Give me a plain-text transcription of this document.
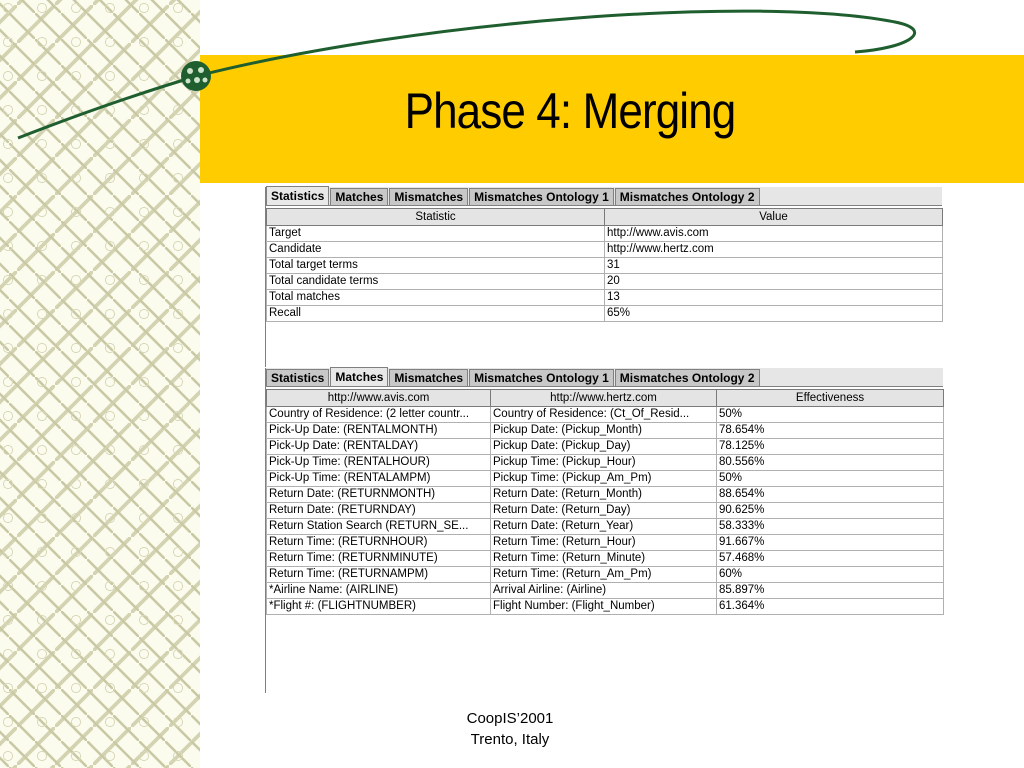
Phase 4: Merging
Statistics Matches Mismatches Mismatches Ontology 1 Mismatches Ontology 2
Statistic	Value
Target	http://www.avis.com
Candidate	http://www.hertz.com
Total target terms	31
Total candidate terms	20
Total matches	13
Recall	65%
Statistics Matches Mismatches Mismatches Ontology 1 Mismatches Ontology 2
http://www.avis.com	http://www.hertz.com	Effectiveness
Country of Residence: (2 letter countr...	Country of Residence: (Ct_Of_Resid...	50%
Pick-Up Date: (RENTALMONTH)	Pickup Date: (Pickup_Month)	78.654%
Pick-Up Date: (RENTALDAY)	Pickup Date: (Pickup_Day)	78.125%
Pick-Up Time: (RENTALHOUR)	Pickup Time: (Pickup_Hour)	80.556%
Pick-Up Time: (RENTALAMPM)	Pickup Time: (Pickup_Am_Pm)	50%
Return Date: (RETURNMONTH)	Return Date: (Return_Month)	88.654%
Return Date: (RETURNDAY)	Return Date: (Return_Day)	90.625%
Return Station Search (RETURN_SE...	Return Date: (Return_Year)	58.333%
Return Time: (RETURNHOUR)	Return Time: (Return_Hour)	91.667%
Return Time: (RETURNMINUTE)	Return Time: (Return_Minute)	57.468%
Return Time: (RETURNAMPM)	Return Time: (Return_Am_Pm)	60%
*Airline Name: (AIRLINE)	Arrival Airline: (Airline)	85.897%
*Flight #: (FLIGHTNUMBER)	Flight Number: (Flight_Number)	61.364%
CoopIS’2001
Trento, Italy
